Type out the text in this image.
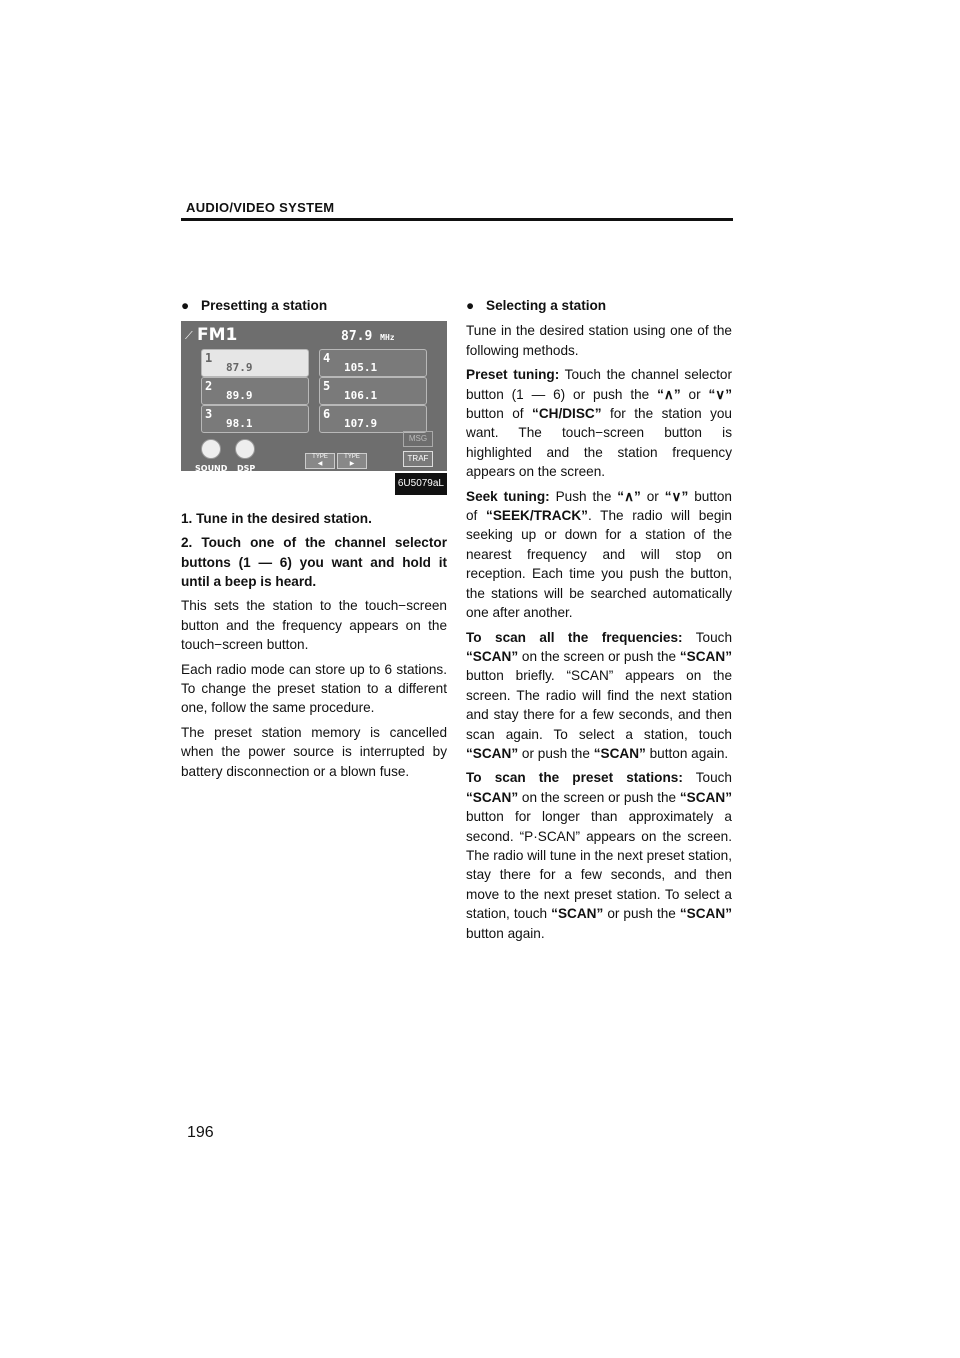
AUDIO/VIDEO SYSTEM
● Presetting a station
⟋ FM1	87.9 MHz
1
87.9
2
89.9
3
98.1
4
105.1
5
106.1
6
107.9
SOUND DSP
TYPE
◀
TYPE
▶
MSG
TRAF
6U5079aL

1. Tune in the desired station.

2. Touch one of the channel selector buttons (1 — 6) you want and hold it until a beep is heard.

This sets the station to the touch−screen button and the frequency appears on the touch−screen button.

Each radio mode can store up to 6 stations. To change the preset station to a different one, follow the same procedure.

The preset station memory is cancelled when the power source is interrupted by battery disconnection or a blown fuse.

● Selecting a station

Tune in the desired station using one of the following methods.

Preset tuning: Touch the channel selector button (1 — 6) or push the “∧” or “∨” button of “CH/DISC” for the station you want. The touch−screen button is highlighted and the station frequency appears on the screen.

Seek tuning: Push the “∧” or “∨” button of “SEEK/TRACK”. The radio will begin seeking up or down for a station of the nearest frequency and will stop on reception. Each time you push the button, the stations will be searched automatically one after another.

To scan all the frequencies: Touch “SCAN” on the screen or push the “SCAN” button briefly. “SCAN” appears on the screen. The radio will find the next station and stay there for a few seconds, and then scan again. To select a station, touch “SCAN” or push the “SCAN” button again.

To scan the preset stations: Touch “SCAN” on the screen or push the “SCAN” button for longer than approximately a second. “P·SCAN” appears on the screen. The radio will tune in the next preset station, stay there for a few seconds, and then move to the next preset station. To select a station, touch “SCAN” or push the “SCAN” button again.

196
